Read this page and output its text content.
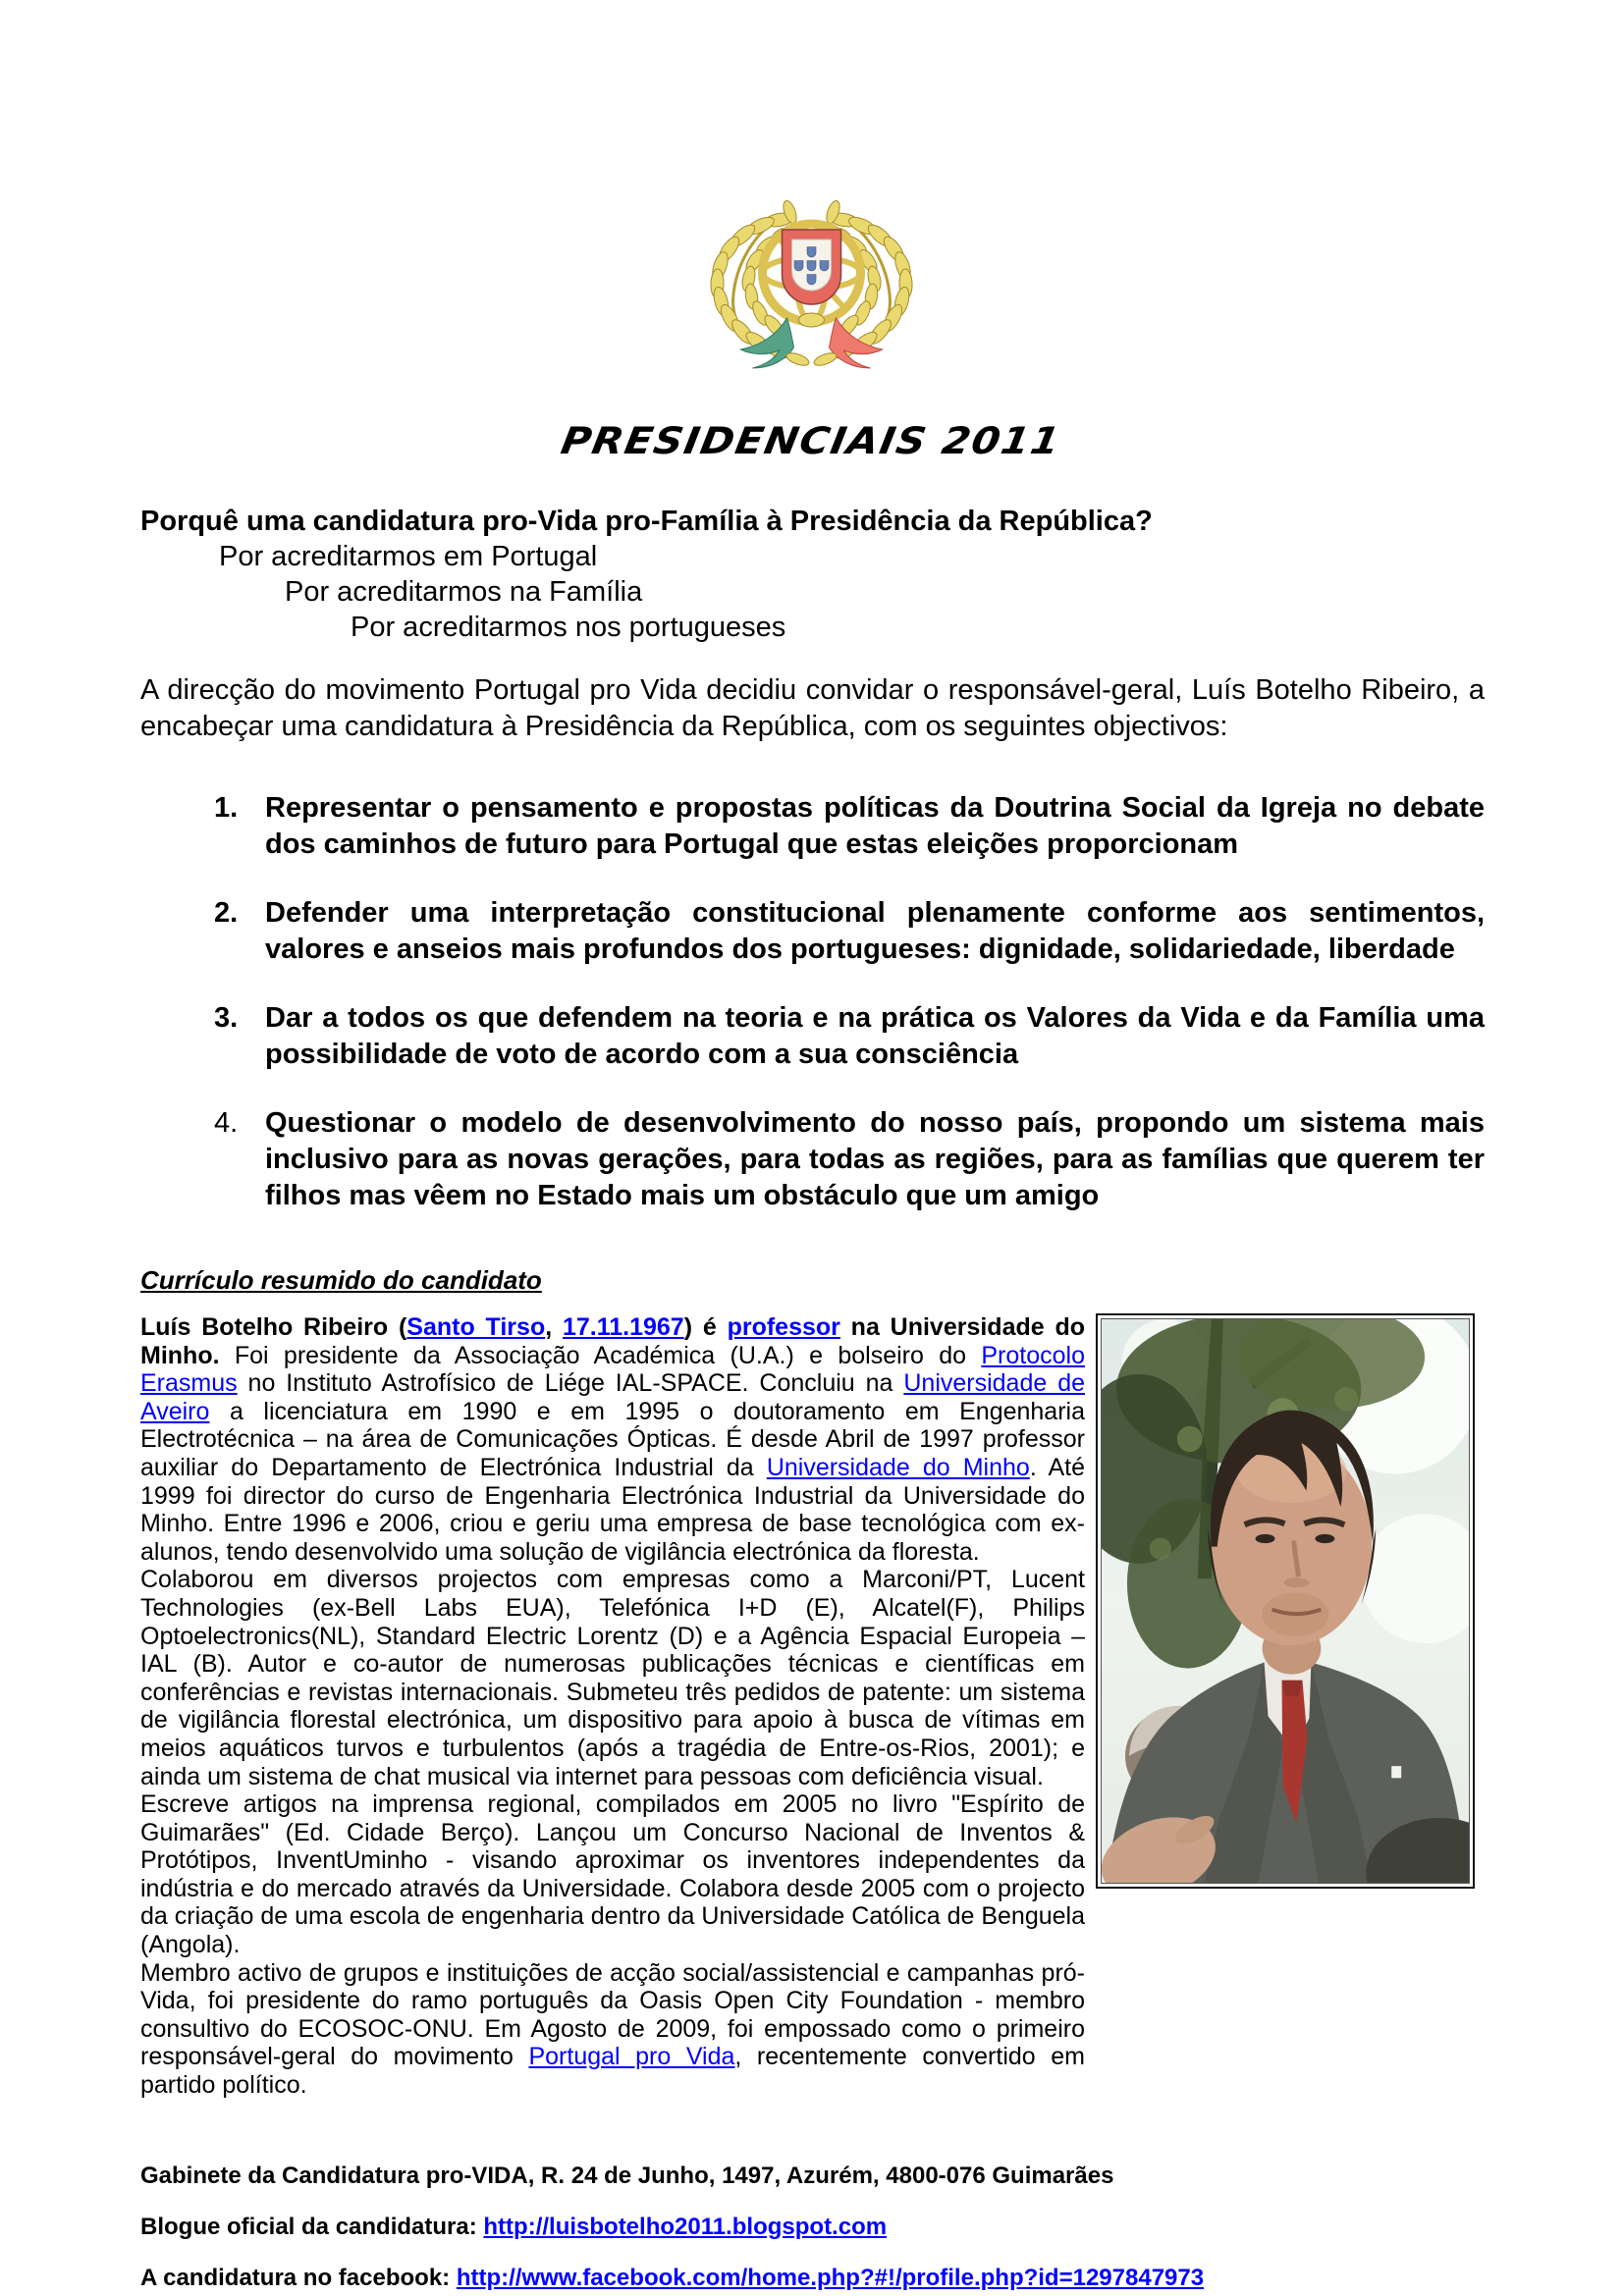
PRESIDENCIAIS 2011
Porquê uma candidatura pro-Vida pro-Família à Presidência da República?
Por acreditarmos em Portugal
Por acreditarmos na Família
Por acreditarmos nos portugueses

A direcção do movimento Portugal pro Vida decidiu convidar o responsável-geral, Luís Botelho Ribeiro, a encabeçar uma candidatura à Presidência da República, com os seguintes objectivos:

1. Representar o pensamento e propostas políticas da Doutrina Social da Igreja no debate dos caminhos de futuro para Portugal que estas eleições proporcionam
2. Defender uma interpretação constitucional plenamente conforme aos sentimentos, valores e anseios mais profundos dos portugueses: dignidade, solidariedade, liberdade
3. Dar a todos os que defendem na teoria e na prática os Valores da Vida e da Família uma possibilidade de voto de acordo com a sua consciência
4. Questionar o modelo de desenvolvimento do nosso país, propondo um sistema mais inclusivo para as novas gerações, para todas as regiões, para as famílias que querem ter filhos mas vêem no Estado mais um obstáculo que um amigo
Currículo resumido do candidato

Luís Botelho Ribeiro (Santo Tirso, 17.11.1967) é professor na Universidade do Minho. Foi presidente da Associação Académica (U.A.) e bolseiro do Protocolo Erasmus no Instituto Astrofísico de Liége IAL-SPACE. Concluiu na Universidade de Aveiro a licenciatura em 1990 e em 1995 o doutoramento em Engenharia Electrotécnica – na área de Comunicações Ópticas. É desde Abril de 1997 professor auxiliar do Departamento de Electrónica Industrial da Universidade do Minho. Até 1999 foi director do curso de Engenharia Electrónica Industrial da Universidade do Minho. Entre 1996 e 2006, criou e geriu uma empresa de base tecnológica com ex-alunos, tendo desenvolvido uma solução de vigilância electrónica da floresta.

Colaborou em diversos projectos com empresas como a Marconi/PT, Lucent Technologies (ex-Bell Labs EUA), Telefónica I+D (E), Alcatel(F), Philips Optoelectronics(NL), Standard Electric Lorentz (D) e a Agência Espacial Europeia – IAL (B). Autor e co-autor de numerosas publicações técnicas e científicas em conferências e revistas internacionais. Submeteu três pedidos de patente: um sistema de vigilância florestal electrónica, um dispositivo para apoio à busca de vítimas em meios aquáticos turvos e turbulentos (após a tragédia de Entre-os-Rios, 2001); e ainda um sistema de chat musical via internet para pessoas com deficiência visual.

Escreve artigos na imprensa regional, compilados em 2005 no livro "Espírito de Guimarães" (Ed. Cidade Berço). Lançou um Concurso Nacional de Inventos & Protótipos, InventUminho - visando aproximar os inventores independentes da indústria e do mercado através da Universidade. Colabora desde 2005 com o projecto da criação de uma escola de engenharia dentro da Universidade Católica de Benguela (Angola).

Membro activo de grupos e instituições de acção social/assistencial e campanhas pró-Vida, foi presidente do ramo português da Oasis Open City Foundation - membro consultivo do ECOSOC-ONU. Em Agosto de 2009, foi empossado como o primeiro responsável-geral do movimento Portugal pro Vida, recentemente convertido em partido político.

Gabinete da Candidatura pro-VIDA, R. 24 de Junho, 1497, Azurém, 4800-076 Guimarães
Blogue oficial da candidatura: http://luisbotelho2011.blogspot.com
A candidatura no facebook: http://www.facebook.com/home.php?#!/profile.php?id=1297847973
